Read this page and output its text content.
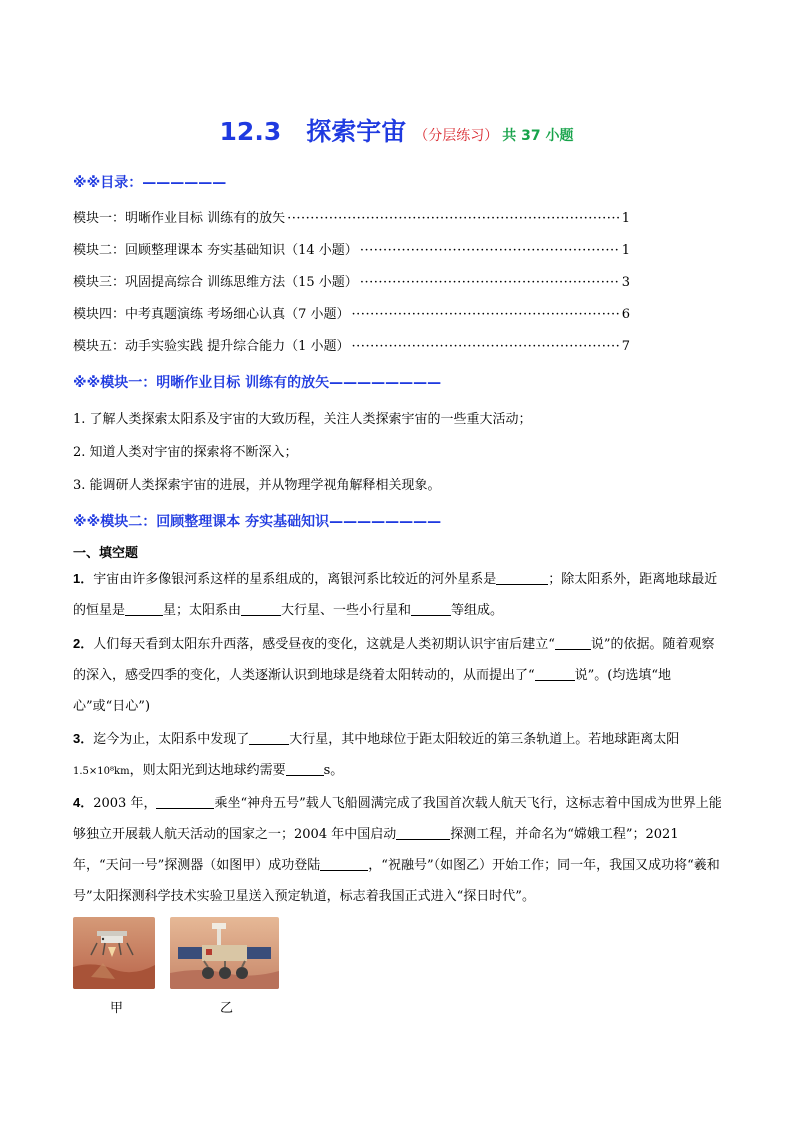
12.3　探索宇宙 （分层练习） 共 37 小题
※※目录：——————
模块一：明晰作业目标 训练有的放矢 ·····	1
模块二：回顾整理课本 夯实基础知识（14 小题） ·····	1
模块三：巩固提高综合 训练思维方法（15 小题） ·····	3
模块四：中考真题演练 考场细心认真（7 小题） ·····	6
模块五：动手实验实践 提升综合能力（1 小题） ·····	7
※※模块一：明晰作业目标 训练有的放矢————————
1. 了解人类探索太阳系及宇宙的大致历程，关注人类探索宇宙的一些重大活动；
2. 知道人类对宇宙的探索将不断深入；
3. 能调研人类探索宇宙的进展，并从物理学视角解释相关现象。
※※模块二：回顾整理课本 夯实基础知识————————
一、填空题
1．宇宙由许多像银河系这样的星系组成的，离银河系比较近的河外星系是	；除太阳系外，距离地球最近的恒星是	星；太阳系由	大行星、一些小行星和	等组成。
2．人们每天看到太阳东升西落，感受昼夜的变化，这就是人类初期认识宇宙后建立“	说”的依据。随着观察的深入，感受四季的变化，人类逐渐认识到地球是绕着太阳转动的，从而提出了“	说”。(均选填“地心”或“日心”)
3．迄今为止，太阳系中发现了	大行星，其中地球位于距太阳较近的第三条轨道上。若地球距离太阳1.5×10⁸km，则太阳光到达地球约需要	s。
4．2003 年，	乘坐“神舟五号”载人飞船圆满完成了我国首次载人航天飞行，这标志着中国成为世界上能够独立开展载人航天活动的国家之一；2004 年中国启动	探测工程，并命名为“嫦娥工程”；2021 年，“天问一号”探测器（如图甲）成功登陆	，“祝融号”（如图乙）开始工作；同一年，我国又成功将“羲和号”太阳探测科学技术实验卫星送入预定轨道，标志着我国正式进入“探日时代”。
甲	乙
